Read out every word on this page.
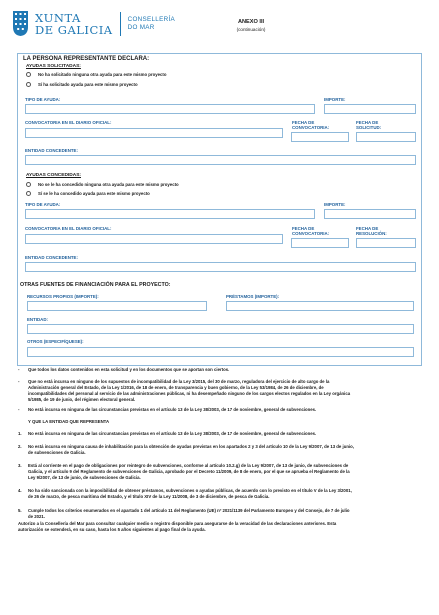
XUNTA
DE GALICIA
CONSELLERÍA
DO MAR
ANEXO III
(continuación)
LA PERSONA REPRESENTANTE DECLARA:
AYUDAS SOLICITADAS:
No ha solicitado ninguna otra ayuda para este mismo proyecto
Sí ha solicitado ayuda para este mismo proyecto
TIPO DE AYUDA:	IMPORTE:
CONVOCATORIA EN EL DIARIO OFICIAL:	FECHA DE
CONVOCATORIA:
FECHA DE
SOLICITUD:
ENTIDAD CONCEDENTE:
AYUDAS CONCEDIDAS:
No se le ha concedido ninguna otra ayuda para este mismo proyecto
Sí se le ha concedido ayuda para este mismo proyecto
TIPO DE AYUDA:	IMPORTE:
CONVOCATORIA EN EL DIARIO OFICIAL:	FECHA DE
CONVOCATORIA:
FECHA DE
RESOLUCIÓN:
ENTIDAD CONCEDENTE:
OTRAS FUENTES DE FINANCIACIÓN PARA EL PROYECTO:
RECURSOS PROPIOS (IMPORTE):	PRÉSTAMOS (IMPORTE):
ENTIDAD:
OTROS (ESPECIFÍQUESE):
- Que todos los datos contenidos en esta solicitud y en los documentos que se aportan son ciertos.
- Que no está incursa en ninguno de los supuestos de incompatibilidad de la Ley 3/2015, del 30 de marzo, reguladora del ejercicio de alto cargo de la
Administración general del Estado, de la Ley 1/2016, de 18 de enero, de transparencia y buen gobierno, de la Ley 53/1984, de 26 de diciembre, de
incompatibilidades del personal al servicio de las administraciones públicas, ni ha desempeñado ninguno de los cargos electos regulados en la Ley orgánica
5/1985, de 19 de junio, del régimen electoral general.
- No está incursa en ninguna de las circunstancias previstas en el artículo 13 de la Ley 38/2003, de 17 de noviembre, general de subvenciones.
Y QUE LA ENTIDAD QUE REPRESENTA
1. No está incursa en ninguna de las circunstancias previstas en el artículo 13 de la Ley 38/2003, de 17 de noviembre, general de subvenciones.
2. No está incursa en ninguna causa de inhabilitación para la obtención de ayudas previstas en los apartados 2 y 3 del artículo 10 de la Ley 9/2007, de 13 de junio,
de subvenciones de Galicia.
3. Está al corriente en el pago de obligaciones por reintegro de subvenciones, conforme al artículo 10.2.g) de la Ley 9/2007, de 13 de junio, de subvenciones de
Galicia, y el artículo 9 del Reglamento de subvenciones de Galicia, aprobado por el Decreto 11/2009, de 8 de enero, por el que se aprueba el Reglamento de la
Ley 9/2007, de 13 de junio, de subvenciones de Galicia.
4. No ha sido sancionada con la imposibilidad de obtener préstamos, subvenciones o ayudas públicas, de acuerdo con lo previsto en el título V de la Ley 3/2001,
de 26 de marzo, de pesca marítima del Estado, y el título XIV de la Ley 11/2008, de 3 de diciembre, de pesca de Galicia.
5. Cumple todos los criterios enumerados en el apartado 1 del artículo 11 del Reglamento (UE) nº 2021/1139 del Parlamento Europeo y del Consejo, de 7 de julio
de 2021.
Autorizo a la Consellería del Mar para consultar cualquier medio o registro disponible para asegurarse de la veracidad de las declaraciones anteriores. Esta
autorización se extenderá, en su caso, hasta los 5 años siguientes al pago final de la ayuda.
